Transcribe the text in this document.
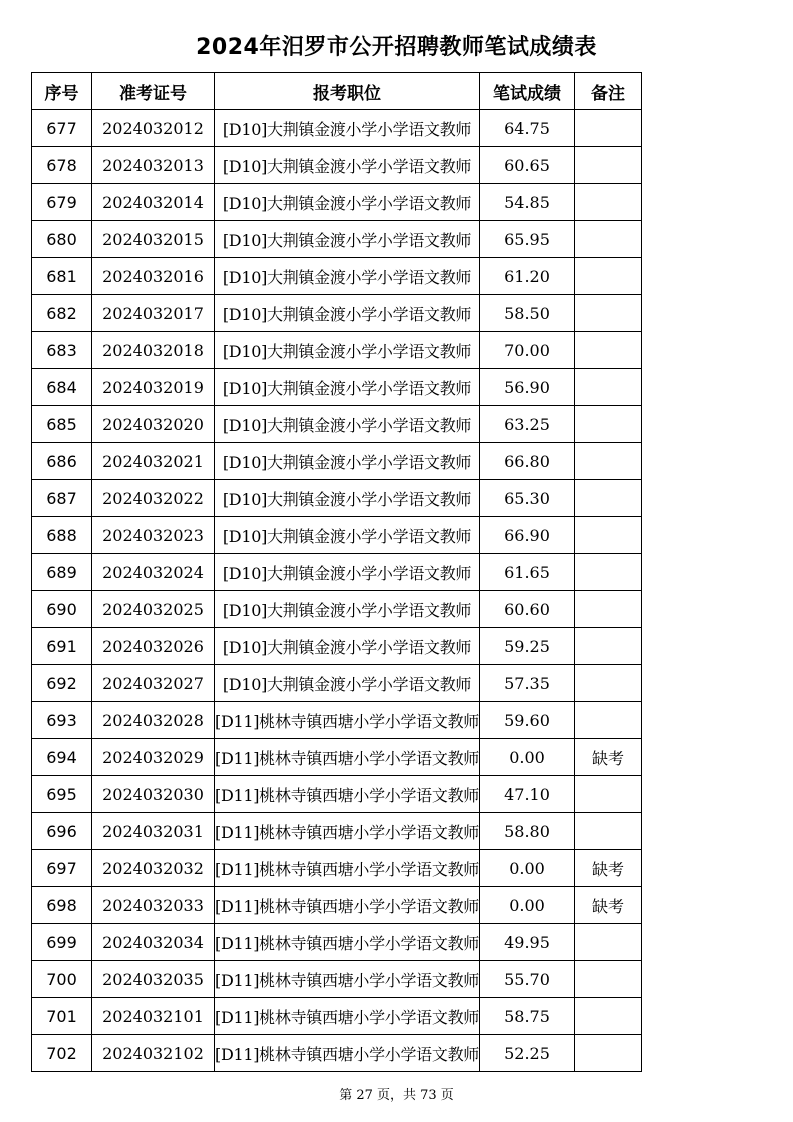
2024年汨罗市公开招聘教师笔试成绩表
序号	准考证号	报考职位	笔试成绩	备注
677	2024032012	[D10]大荆镇金渡小学小学语文教师	64.75	
678	2024032013	[D10]大荆镇金渡小学小学语文教师	60.65	
679	2024032014	[D10]大荆镇金渡小学小学语文教师	54.85	
680	2024032015	[D10]大荆镇金渡小学小学语文教师	65.95	
681	2024032016	[D10]大荆镇金渡小学小学语文教师	61.20	
682	2024032017	[D10]大荆镇金渡小学小学语文教师	58.50	
683	2024032018	[D10]大荆镇金渡小学小学语文教师	70.00	
684	2024032019	[D10]大荆镇金渡小学小学语文教师	56.90	
685	2024032020	[D10]大荆镇金渡小学小学语文教师	63.25	
686	2024032021	[D10]大荆镇金渡小学小学语文教师	66.80	
687	2024032022	[D10]大荆镇金渡小学小学语文教师	65.30	
688	2024032023	[D10]大荆镇金渡小学小学语文教师	66.90	
689	2024032024	[D10]大荆镇金渡小学小学语文教师	61.65	
690	2024032025	[D10]大荆镇金渡小学小学语文教师	60.60	
691	2024032026	[D10]大荆镇金渡小学小学语文教师	59.25	
692	2024032027	[D10]大荆镇金渡小学小学语文教师	57.35	
693	2024032028	[D11]桃林寺镇西塘小学小学语文教师	59.60	
694	2024032029	[D11]桃林寺镇西塘小学小学语文教师	0.00	缺考
695	2024032030	[D11]桃林寺镇西塘小学小学语文教师	47.10	
696	2024032031	[D11]桃林寺镇西塘小学小学语文教师	58.80	
697	2024032032	[D11]桃林寺镇西塘小学小学语文教师	0.00	缺考
698	2024032033	[D11]桃林寺镇西塘小学小学语文教师	0.00	缺考
699	2024032034	[D11]桃林寺镇西塘小学小学语文教师	49.95	
700	2024032035	[D11]桃林寺镇西塘小学小学语文教师	55.70	
701	2024032101	[D11]桃林寺镇西塘小学小学语文教师	58.75	
702	2024032102	[D11]桃林寺镇西塘小学小学语文教师	52.25	
第 27 页，共 73 页
